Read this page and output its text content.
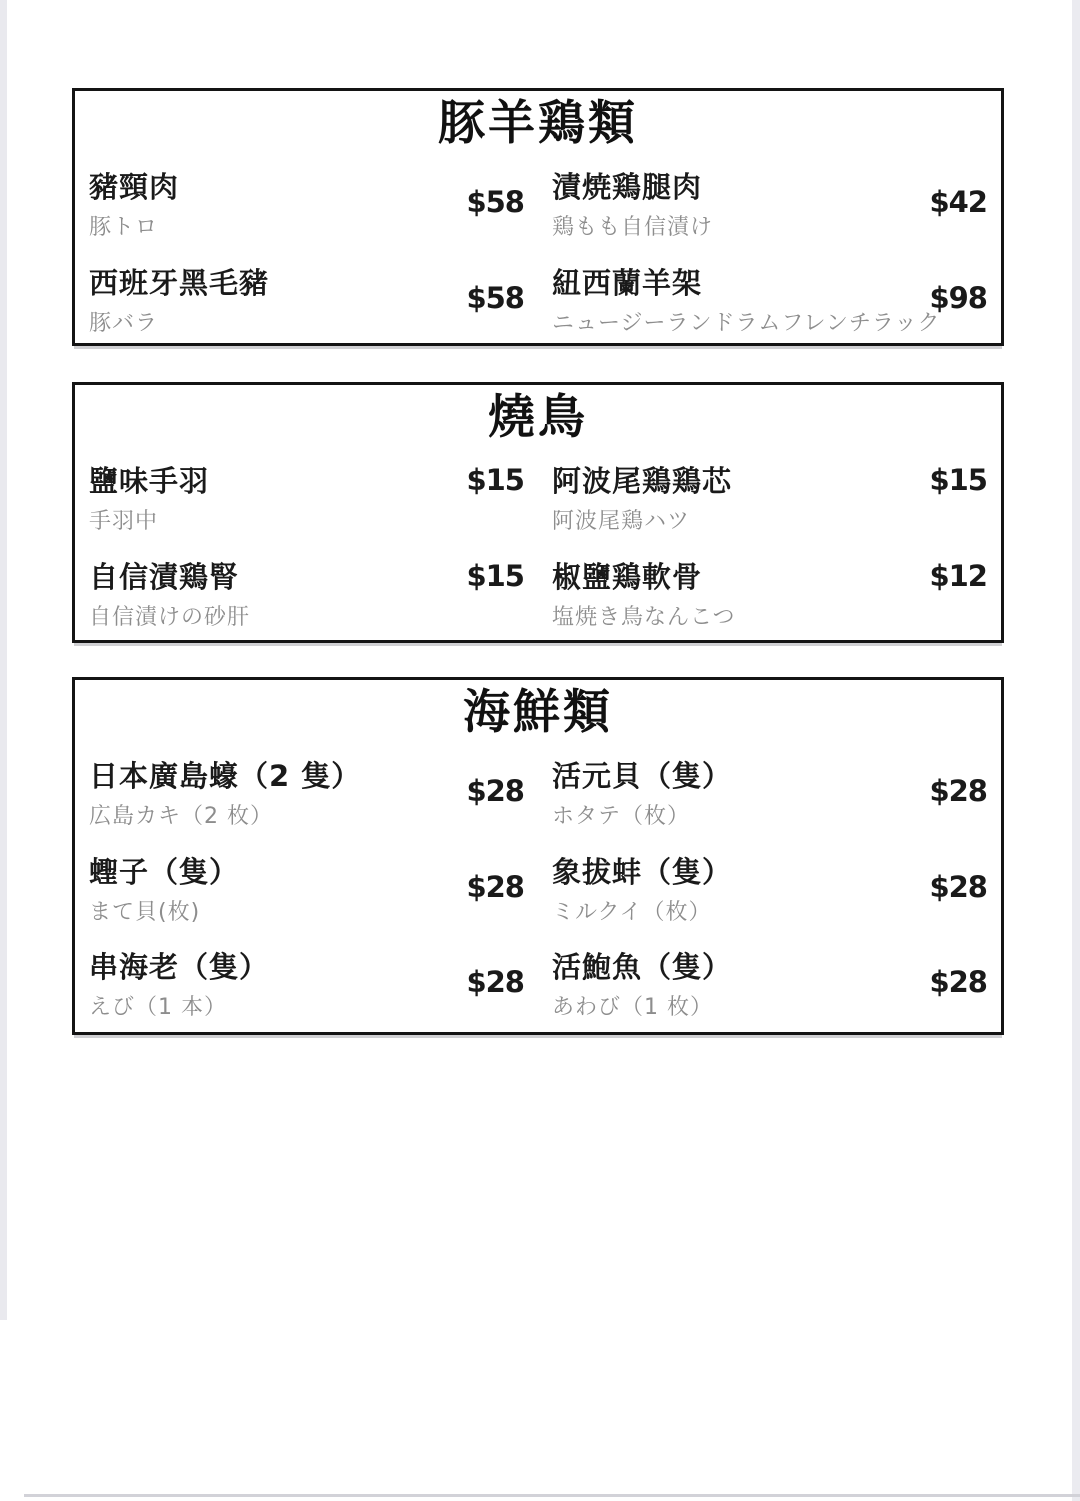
豚羊鶏類
豬頸肉	$58
豚トロ
西班牙黑毛豬	$58
豚バラ
漬焼鶏腿肉	$42
鶏もも自信漬け
紐西蘭羊架	$98
ニュージーランドラムフレンチラック
燒鳥
鹽味手羽	$15
手羽中
自信漬鶏腎	$15
自信漬けの砂肝
阿波尾鶏鶏芯	$15
阿波尾鶏ハツ
椒鹽鶏軟骨	$12
塩焼き鳥なんこつ
海鮮類
日本廣島蠔（2 隻）	$28
広島カキ（2 枚）
蟶子（隻）	$28
まて貝(枚)
串海老（隻）	$28
えび（1 本）
活元貝（隻）	$28
ホタテ（枚）
象拔蚌（隻）	$28
ミルクイ（枚）
活鮑魚（隻）	$28
あわび（1 枚）
